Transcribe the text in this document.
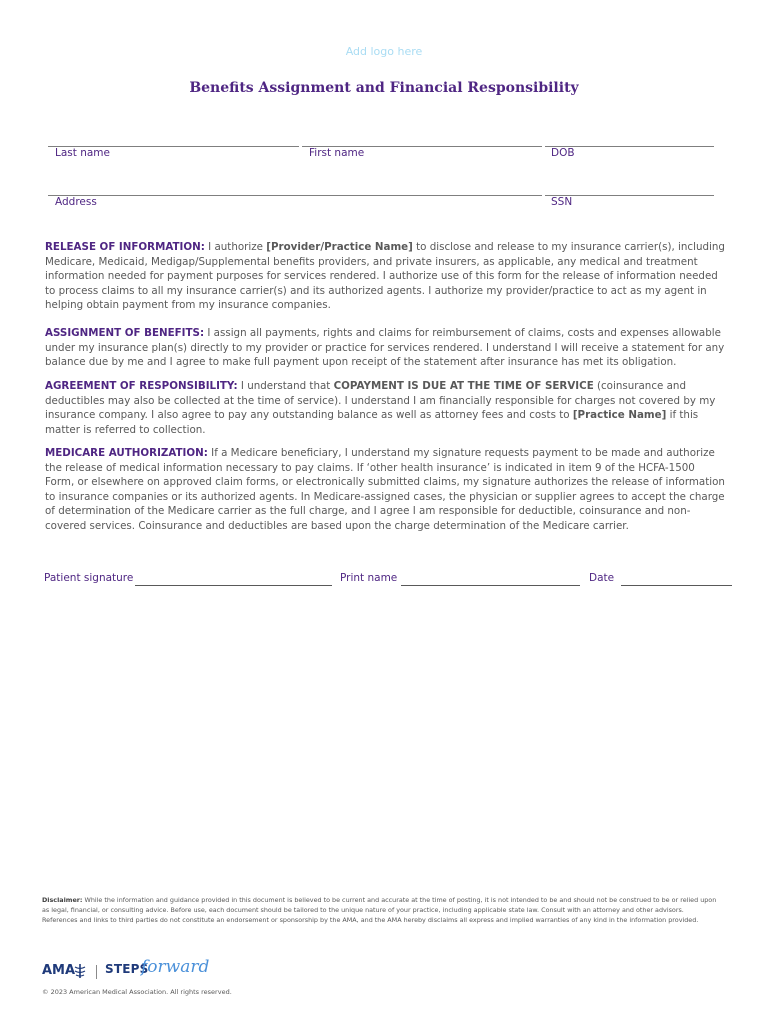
Add logo here
Benefits Assignment and Financial Responsibility
Last name	First name	DOB
Address	SSN
RELEASE OF INFORMATION: I authorize [Provider/Practice Name] to disclose and release to my insurance carrier(s), including Medicare, Medicaid, Medigap/Supplemental benefits providers, and private insurers, as applicable, any medical and treatment information needed for payment purposes for services rendered. I authorize use of this form for the release of information needed to process claims to all my insurance carrier(s) and its authorized agents. I authorize my provider/practice to act as my agent in helping obtain payment from my insurance companies.
ASSIGNMENT OF BENEFITS: I assign all payments, rights and claims for reimbursement of claims, costs and expenses allowable under my insurance plan(s) directly to my provider or practice for services rendered. I understand I will receive a statement for any balance due by me and I agree to make full payment upon receipt of the statement after insurance has met its obligation.
AGREEMENT OF RESPONSIBILITY: I understand that COPAYMENT IS DUE AT THE TIME OF SERVICE (coinsurance and deductibles may also be collected at the time of service). I understand I am financially responsible for charges not covered by my insurance company. I also agree to pay any outstanding balance as well as attorney fees and costs to [Practice Name] if this matter is referred to collection.
MEDICARE AUTHORIZATION: If a Medicare beneficiary, I understand my signature requests payment to be made and authorize the release of medical information necessary to pay claims. If ‘other health insurance’ is indicated in item 9 of the HCFA-1500 Form, or elsewhere on approved claim forms, or electronically submitted claims, my signature authorizes the release of information to insurance companies or its authorized agents. In Medicare-assigned cases, the physician or supplier agrees to accept the charge of determination of the Medicare carrier as the full charge, and I agree I am responsible for deductible, coinsurance and non-covered services. Coinsurance and deductibles are based upon the charge determination of the Medicare carrier.
Patient signature	Print name	Date
Disclaimer: While the information and guidance provided in this document is believed to be current and accurate at the time of posting, it is not intended to be and should not be construed to be or relied upon as legal, financial, or consulting advice. Before use, each document should be tailored to the unique nature of your practice, including applicable state law. Consult with an attorney and other advisors. References and links to third parties do not constitute an endorsement or sponsorship by the AMA, and the AMA hereby disclaims all express and implied warranties of any kind in the information provided.
AMA STEPS
forward
© 2023 American Medical Association. All rights reserved.
